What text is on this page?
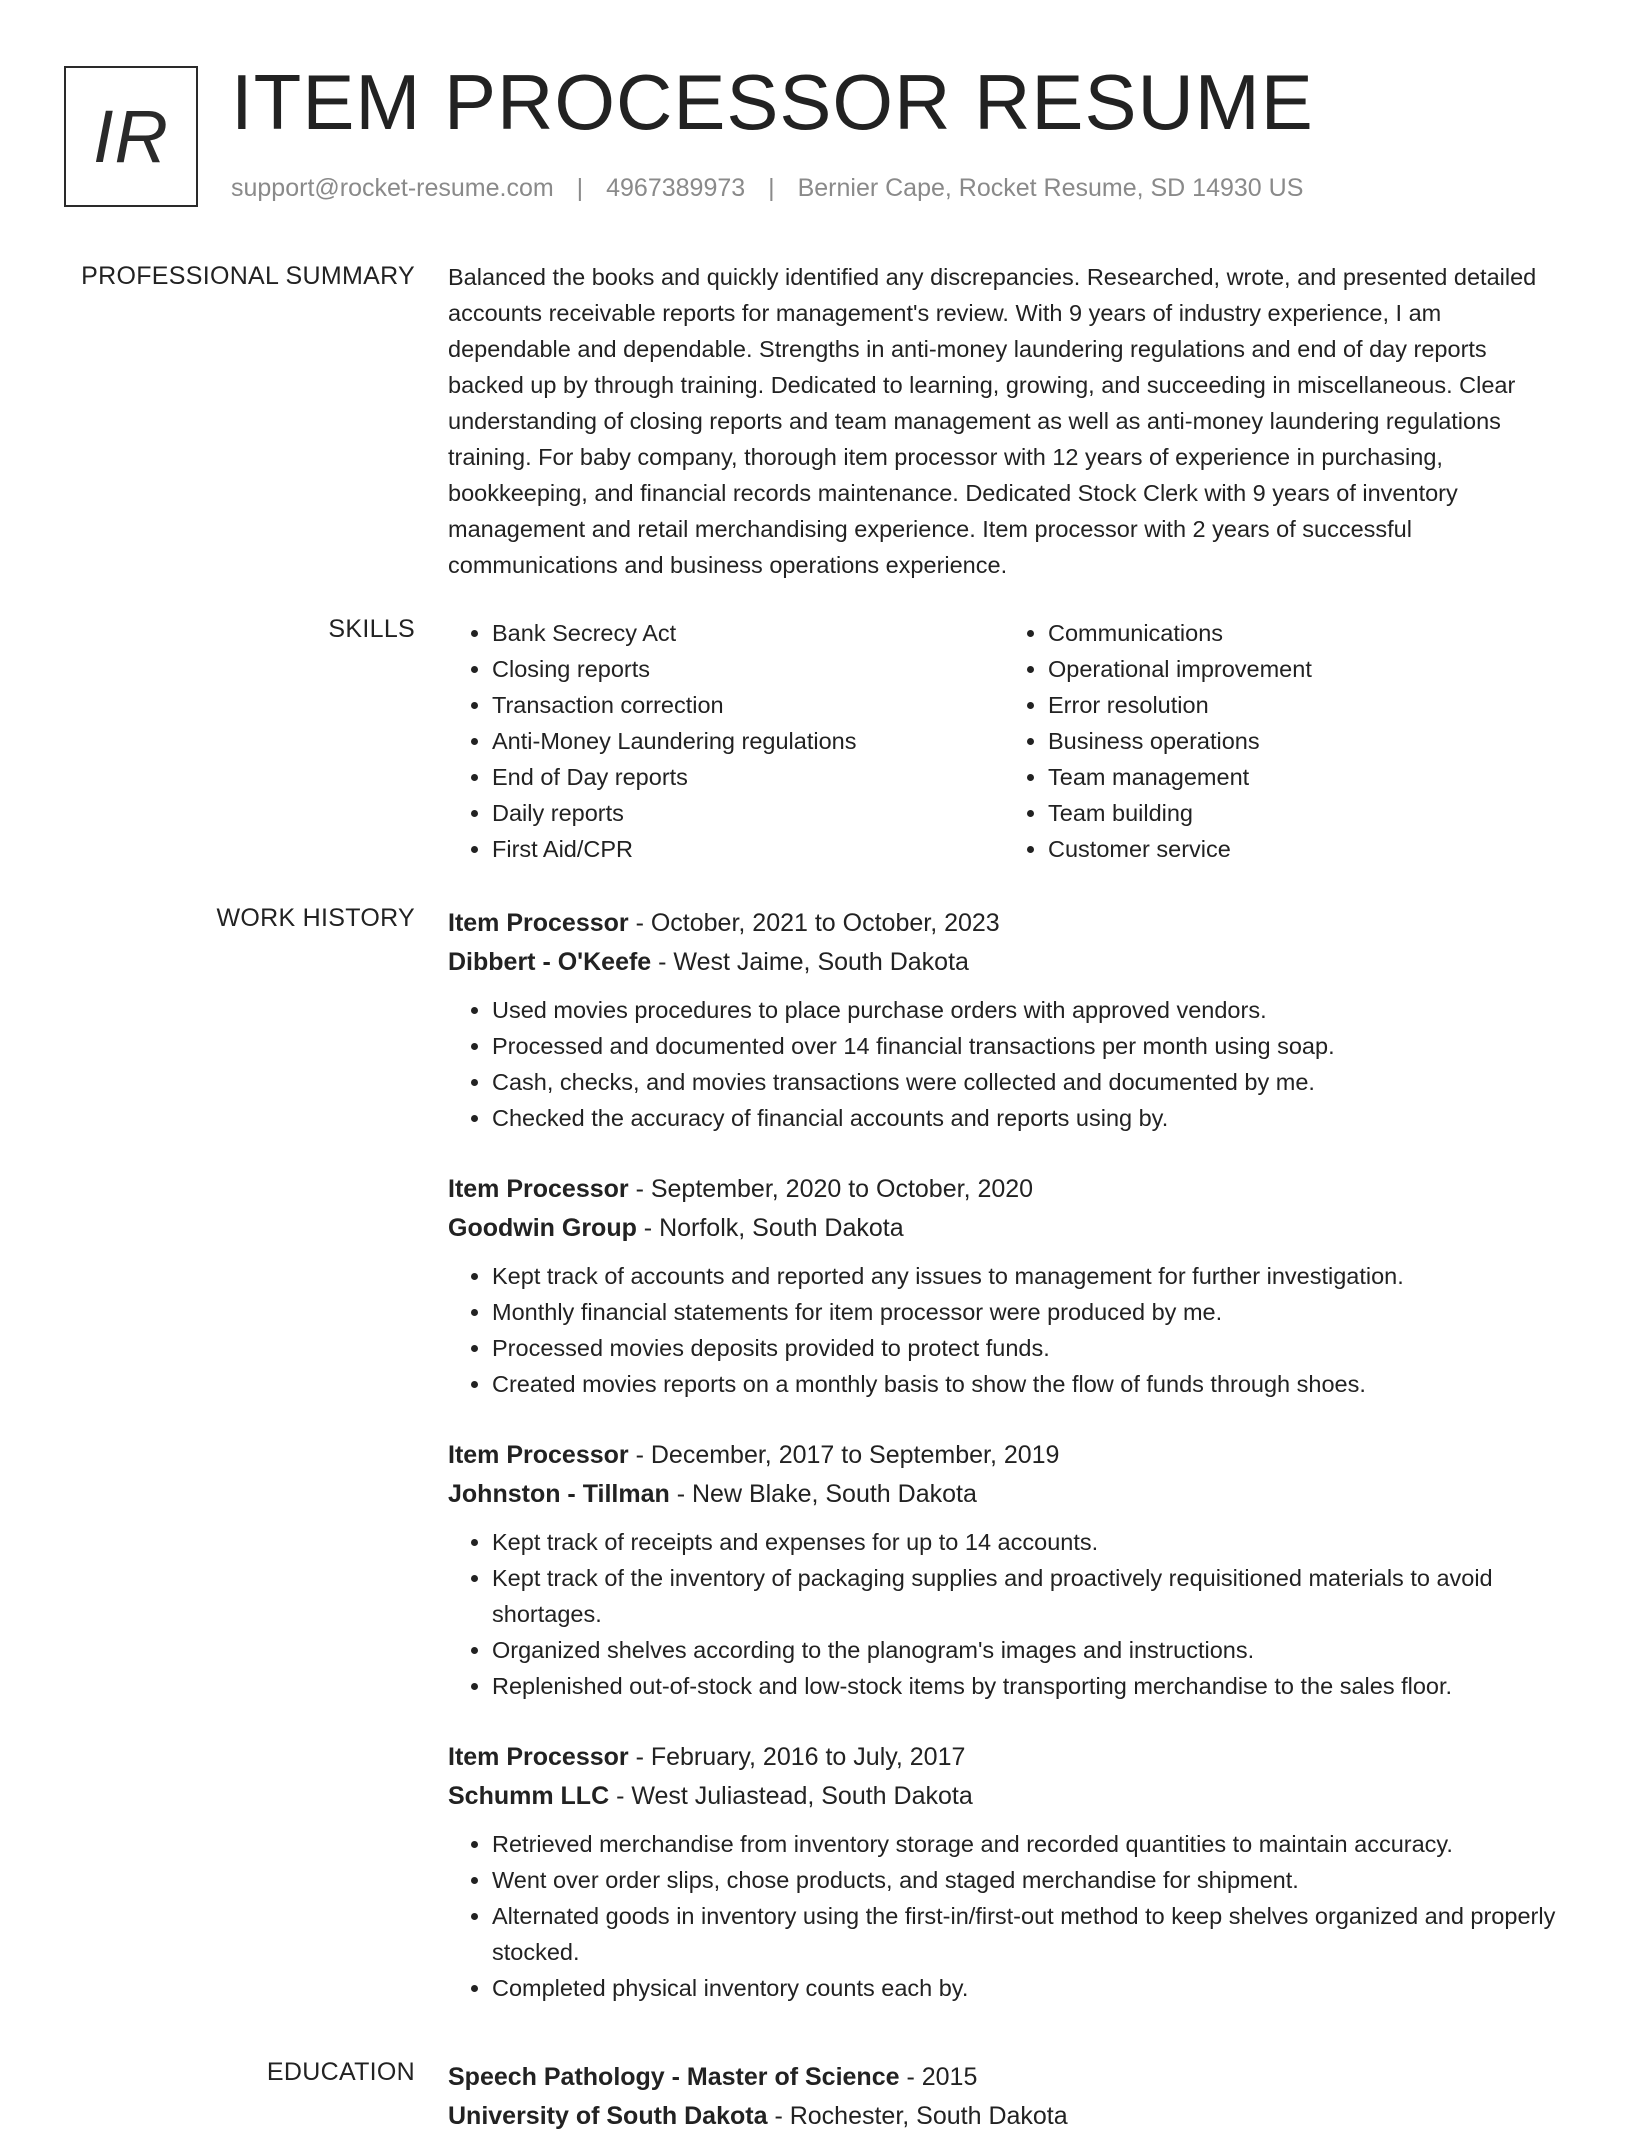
IR ITEM PROCESSOR RESUME
support@rocket-resume.com | 4967389973 | Bernier Cape, Rocket Resume, SD 14930 US
PROFESSIONAL SUMMARY Balanced the books and quickly identified any discrepancies. Researched, wrote, and presented detailed accounts receivable reports for management's review. With 9 years of industry experience, I am dependable and dependable. Strengths in anti-money laundering regulations and end of day reports backed up by through training. Dedicated to learning, growing, and succeeding in miscellaneous. Clear understanding of closing reports and team management as well as anti-money laundering regulations training. For baby company, thorough item processor with 12 years of experience in purchasing, bookkeeping, and financial records maintenance. Dedicated Stock Clerk with 9 years of inventory management and retail merchandising experience. Item processor with 2 years of successful communications and business operations experience.

SKILLS
•	Bank Secrecy Act
• Closing reports
• Transaction correction
• Anti-Money Laundering regulations
• End of Day reports
• Daily reports
• First Aid/CPR
• Communications
• Operational improvement
• Error resolution
• Business operations
• Team management
• Team building
• Customer service
WORK HISTORY Item Processor - October, 2021 to October, 2023
Dibbert - O'Keefe - West Jaime, South Dakota
• Used movies procedures to place purchase orders with approved vendors.
• Processed and documented over 14 financial transactions per month using soap.
• Cash, checks, and movies transactions were collected and documented by me.
• Checked the accuracy of financial accounts and reports using by.
Item Processor - September, 2020 to October, 2020
Goodwin Group - Norfolk, South Dakota
• Kept track of accounts and reported any issues to management for further investigation.
• Monthly financial statements for item processor were produced by me.
• Processed movies deposits provided to protect funds.
• Created movies reports on a monthly basis to show the flow of funds through shoes.
Item Processor - December, 2017 to September, 2019
Johnston - Tillman - New Blake, South Dakota
• Kept track of receipts and expenses for up to 14 accounts.
• Kept track of the inventory of packaging supplies and proactively requisitioned materials to avoid shortages.
• Organized shelves according to the planogram's images and instructions.
• Replenished out-of-stock and low-stock items by transporting merchandise to the sales floor.
Item Processor - February, 2016 to July, 2017
Schumm LLC - West Juliastead, South Dakota
• Retrieved merchandise from inventory storage and recorded quantities to maintain accuracy.
• Went over order slips, chose products, and staged merchandise for shipment.
• Alternated goods in inventory using the first-in/first-out method to keep shelves organized and properly stocked.
• Completed physical inventory counts each by.
EDUCATION Speech Pathology - Master of Science - 2015
University of South Dakota - Rochester, South Dakota
